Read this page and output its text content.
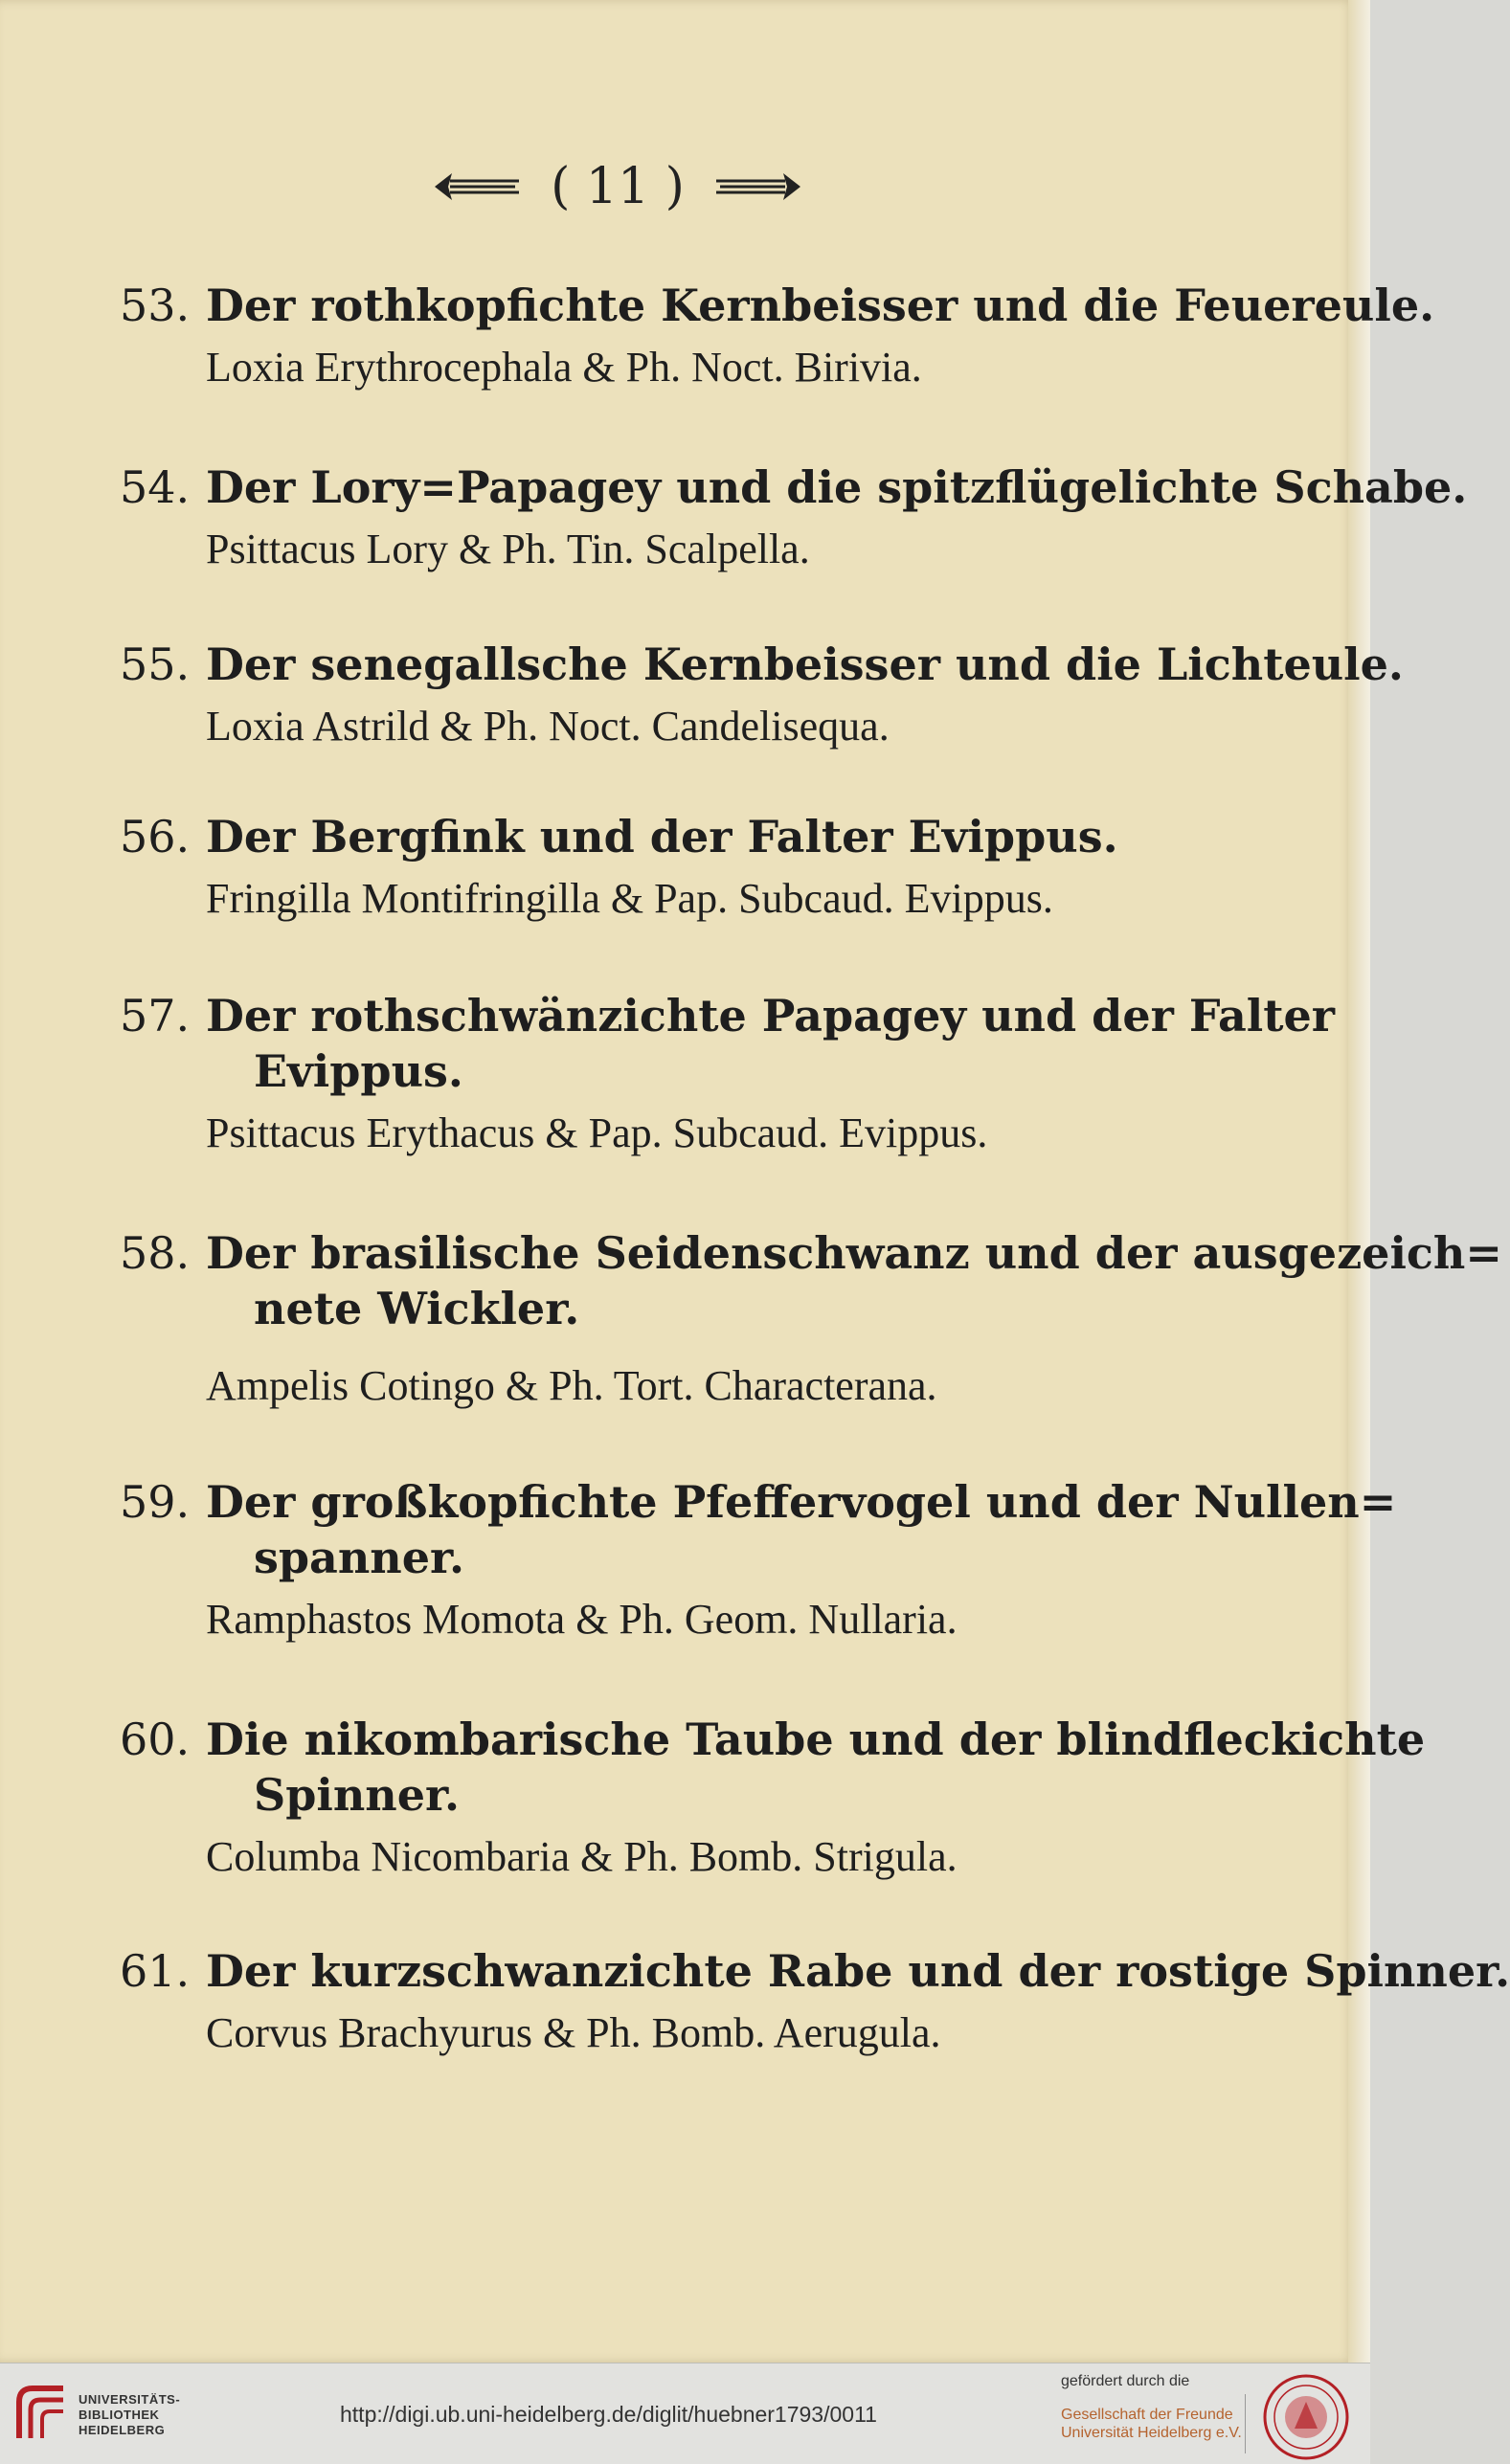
( 11 )
53. Der rothkopfichte Kernbeisser und die Feuereule.
Loxia Erythrocephala & Ph. Noct. Birivia.
54. Der Lory=Papagey und die spitzflügelichte Schabe.
Psittacus Lory & Ph. Tin. Scalpella.
55. Der senegallsche Kernbeisser und die Lichteule.
Loxia Astrild & Ph. Noct. Candelisequa.
56. Der Bergfink und der Falter Evippus.
Fringilla Montifringilla & Pap. Subcaud. Evippus.
57. Der rothschwänzichte Papagey und der Falter
Evippus.
Psittacus Erythacus & Pap. Subcaud. Evippus.
58. Der brasilische Seidenschwanz und der ausgezeich=
nete Wickler.
Ampelis Cotingo & Ph. Tort. Characterana.
59. Der großkopfichte Pfeffervogel und der Nullen=
spanner.
Ramphastos Momota & Ph. Geom. Nullaria.
60. Die nikombarische Taube und der blindfleckichte
Spinner.
Columba Nicombaria & Ph. Bomb. Strigula.
61. Der kurzschwanzichte Rabe und der rostige Spinner.
Corvus Brachyurus & Ph. Bomb. Aerugula.
UNIVERSITÄTS-
BIBLIOTHEK
HEIDELBERG
http://digi.ub.uni-heidelberg.de/diglit/huebner1793/0011
gefördert durch die
Gesellschaft der Freunde
Universität Heidelberg e.V.
